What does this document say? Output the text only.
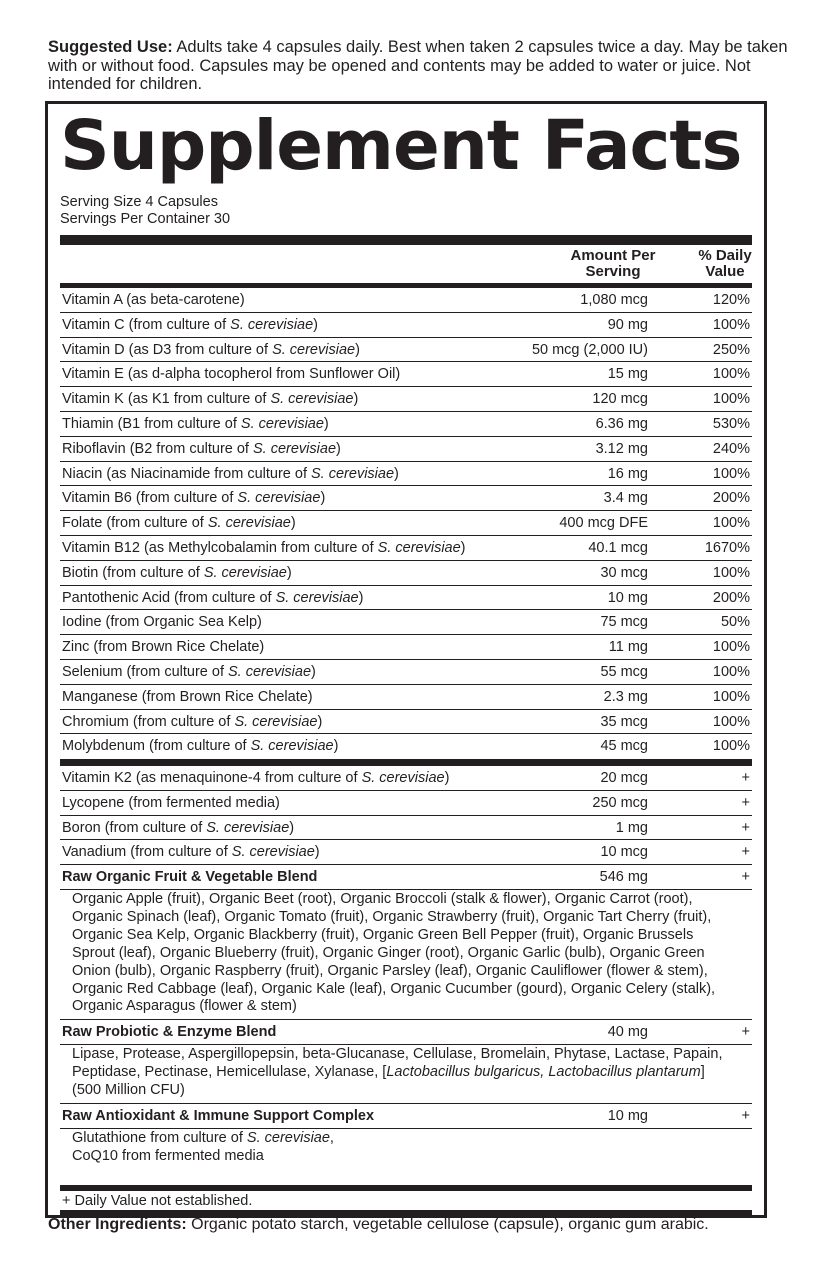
Suggested Use: Adults take 4 capsules daily. Best when taken 2 capsules twice a day. May be taken with or without food. Capsules may be opened and contents may be added to water or juice. Not intended for children.
Supplement Facts
Serving Size 4 Capsules
Servings Per Container 30
Amount Per
Serving
% Daily
Value
Vitamin A (as beta-carotene)	1,080 mcg	120%
Vitamin C (from culture of S. cerevisiae)	90 mg	100%
Vitamin D (as D3 from culture of S. cerevisiae)	50 mcg (2,000 IU)	250%
Vitamin E (as d-alpha tocopherol from Sunflower Oil)	15 mg	100%
Vitamin K (as K1 from culture of S. cerevisiae)	120 mcg	100%
Thiamin (B1 from culture of S. cerevisiae)	6.36 mg	530%
Riboflavin (B2 from culture of S. cerevisiae)	3.12 mg	240%
Niacin (as Niacinamide from culture of S. cerevisiae)	16 mg	100%
Vitamin B6 (from culture of S. cerevisiae)	3.4 mg	200%
Folate (from culture of S. cerevisiae)	400 mcg DFE	100%
Vitamin B12 (as Methylcobalamin from culture of S. cerevisiae)	40.1 mcg	1670%
Biotin (from culture of S. cerevisiae)	30 mcg	100%
Pantothenic Acid (from culture of S. cerevisiae)	10 mg	200%
Iodine (from Organic Sea Kelp)	75 mcg	50%
Zinc (from Brown Rice Chelate)	11 mg	100%
Selenium (from culture of S. cerevisiae)	55 mcg	100%
Manganese (from Brown Rice Chelate)	2.3 mg	100%
Chromium (from culture of S. cerevisiae)	35 mcg	100%
Molybdenum (from culture of S. cerevisiae)	45 mcg	100%
Vitamin K2 (as menaquinone-4 from culture of S. cerevisiae)	20 mcg	+
Lycopene (from fermented media)	250 mcg	+
Boron (from culture of S. cerevisiae)	1 mg	+
Vanadium (from culture of S. cerevisiae)	10 mcg	+
Raw Organic Fruit & Vegetable Blend	546 mg	+
Organic Apple (fruit), Organic Beet (root), Organic Broccoli (stalk & flower), Organic Carrot (root), Organic Spinach (leaf), Organic Tomato (fruit), Organic Strawberry (fruit), Organic Tart Cherry (fruit), Organic Sea Kelp, Organic Blackberry (fruit), Organic Green Bell Pepper (fruit), Organic Brussels Sprout (leaf), Organic Blueberry (fruit), Organic Ginger (root), Organic Garlic (bulb), Organic Green Onion (bulb), Organic Raspberry (fruit), Organic Parsley (leaf), Organic Cauliflower (flower & stem), Organic Red Cabbage (leaf), Organic Kale (leaf), Organic Cucumber (gourd), Organic Celery (stalk), Organic Asparagus (flower & stem)
Raw Probiotic & Enzyme Blend	40 mg	+
Lipase, Protease, Aspergillopepsin, beta-Glucanase, Cellulase, Bromelain, Phytase, Lactase, Papain, Peptidase, Pectinase, Hemicellulase, Xylanase, [Lactobacillus bulgaricus, Lactobacillus plantarum] (500 Million CFU)
Raw Antioxidant & Immune Support Complex	10 mg	+
Glutathione from culture of S. cerevisiae,
CoQ10 from fermented media
+ Daily Value not established.
Other Ingredients: Organic potato starch, vegetable cellulose (capsule), organic gum arabic.
